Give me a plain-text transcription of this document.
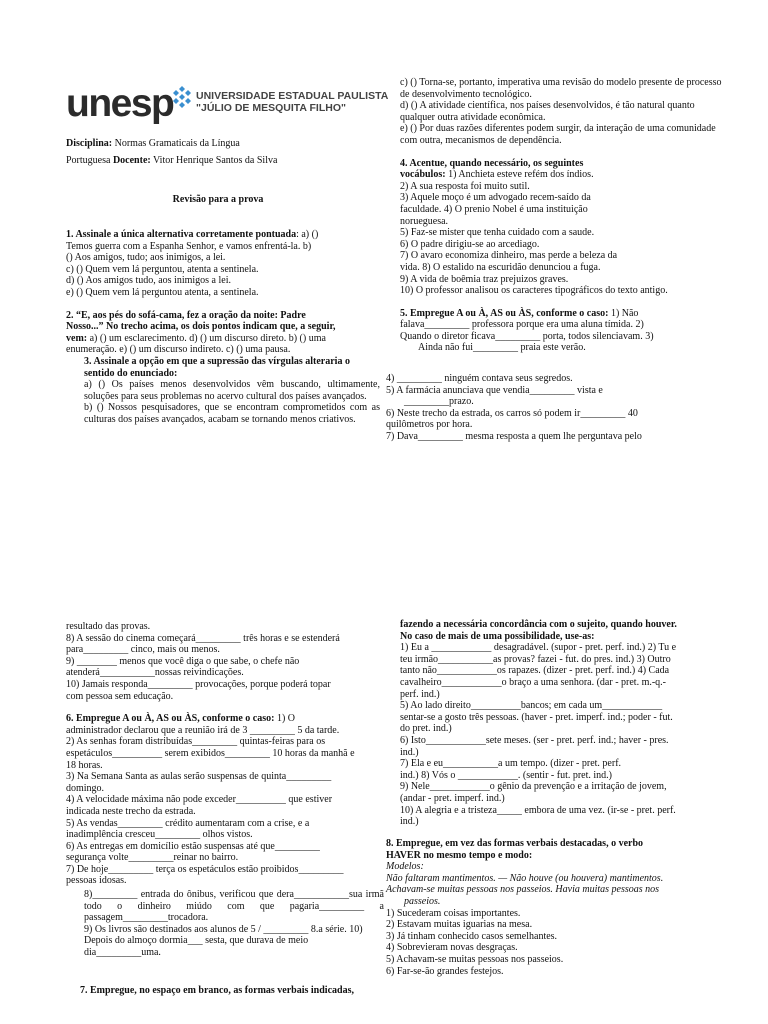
unesp UNIVERSIDADE ESTADUAL PAULISTA
"JÚLIO DE MESQUITA FILHO"
Disciplina: Normas Gramaticais da Língua
Portuguesa Docente: Vitor Henrique Santos da Silva
Revisão para a prova
1. Assinale a única alternativa corretamente pontuada: a) ()
Temos guerra com a Espanha Senhor, e vamos enfrentá-la. b)
() Aos amigos, tudo; aos inimigos, a lei.
c) () Quem vem lá perguntou, atenta a sentinela.
d) () Aos amigos tudo, aos inimigos a lei.
e) () Quem vem lá perguntou atenta, a sentinela.
2. “E, aos pés do sofá-cama, fez a oração da noite: Padre
Nosso...” No trecho acima, os dois pontos indicam que, a seguir,
vem: a) () um esclarecimento. d) () um discurso direto. b) () uma
enumeração. e) () um discurso indireto. c) () uma pausa.
3. Assinale a opção em que a supressão das vírgulas alteraria o
sentido do enunciado:
a) () Os países menos desenvolvidos vêm buscando, ultimamente, soluções para seus problemas no acervo cultural dos países avançados.
b) () Nossos pesquisadores, que se encontram comprometidos com as culturas dos países avançados, acabam se tornando menos criativos.
c) () Torna-se, portanto, imperativa uma revisão do modelo presente de processo de desenvolvimento tecnológico.
d) () A atividade científica, nos países desenvolvidos, é tão natural quanto qualquer outra atividade econômica.
e) () Por duas razões diferentes podem surgir, da interação de uma comunidade com outra, mecanismos de dependência.
4. Acentue, quando necessário, os seguintes
vocábulos: 1) Anchieta esteve refém dos índios.
2) A sua resposta foi muito sutil.
3) Aquele moço é um advogado recem-saído da
faculdade. 4) O prenio Nobel é uma instituição
norueguesa.
5) Faz-se mister que tenha cuidado com a saude.
6) O padre dirigiu-se ao arcediago.
7) O avaro economiza dinheiro, mas perde a beleza da
vida. 8) O estalido na escuridão denunciou a fuga.
9) A vida de boêmia traz prejuizos graves.
10) O professor analisou os caracteres tipográficos do texto antigo.
5. Empregue A ou À, AS ou ÀS, conforme o caso: 1) Não
falava_________ professora porque era uma aluna tímida. 2)
Quando o diretor ficava_________ porta, todos silenciavam. 3)
Ainda não fui_________ praia este verão.
4) _________ ninguém contava seus segredos.
5) A farmácia anunciava que vendia_________ vista e
_________prazo.
6) Neste trecho da estrada, os carros só podem ir_________ 40
quilômetros por hora.
7) Dava_________ mesma resposta a quem lhe perguntava pelo
resultado das provas.
8) A sessão do cinema começará_________ três horas e se estenderá
para_________ cinco, mais ou menos.
9) ________ menos que você diga o que sabe, o chefe não
atenderá___________nossas reivindicações.
10) Jamais responda_________ provocações, porque poderá topar
com pessoa sem educação.
6. Empregue A ou À, AS ou ÀS, conforme o caso: 1) O
administrador declarou que a reunião irá de 3 _________ 5 da tarde.
2) As senhas foram distribuídas_________ quintas-feiras para os
espetáculos__________ serem exibidos_________ 10 horas da manhã e
18 horas.
3) Na Semana Santa as aulas serão suspensas de quinta_________
domingo.
4) A velocidade máxima não pode exceder__________ que estiver
indicada neste trecho da estrada.
5) As vendas_________ crédito aumentaram com a crise, e a
inadimplência cresceu_________ olhos vistos.
6) As entregas em domicílio estão suspensas até que_________
segurança volte_________reinar no bairro.
7) De hoje_________ terça os espetáculos estão proibidos_________
pessoas idosas.
8)_________ entrada do ônibus, verificou que dera___________sua irmã todo o dinheiro miúdo com que pagaria_________ a passagem_________trocadora.
9) Os livros são destinados aos alunos de 5 / _________ 8.a série. 10)
Depois do almoço dormia___ sesta, que durava de meio
dia_________uma.
7. Empregue, no espaço em branco, as formas verbais indicadas,
fazendo a necessária concordância com o sujeito, quando houver.
No caso de mais de uma possibilidade, use-as:
1) Eu a ____________ desagradável. (supor - pret. perf. ind.) 2) Tu e
teu irmão___________as provas? fazei - fut. do pres. ind.) 3) Outro
tanto não____________os rapazes. (dizer - pret. perf. ind.) 4) Cada
cavalheiro____________o braço a uma senhora. (dar - pret. m.-q.-
perf. ind.)
5) Ao lado direito__________bancos; em cada um____________
sentar-se a gosto três pessoas. (haver - pret. imperf. ind.; poder - fut.
do pret. ind.)
6) Isto____________sete meses. (ser - pret. perf. ind.; haver - pres.
ind.)
7) Ela e eu___________a um tempo. (dizer - pret. perf.
ind.) 8) Vós o ____________. (sentir - fut. pret. ind.)
9) Nele____________o gênio da prevenção e a irritação de jovem,
(andar - pret. imperf. ind.)
10) A alegria e a tristeza_____ embora de uma vez. (ir-se - pret. perf.
ind.)
8. Empregue, em vez das formas verbais destacadas, o verbo
HAVER no mesmo tempo e modo:
Modelos:
Não faltaram mantimentos. — Não houve (ou houvera) mantimentos.
Achavam-se muitas pessoas nos passeios. Havia muitas pessoas nos
passeios.
1) Sucederam coisas importantes.
2) Estavam muitas iguarias na mesa.
3) Já tinham conhecido casos semelhantes.
4) Sobrevieram novas desgraças.
5) Achavam-se muitas pessoas nos passeios.
6) Far-se-ão grandes festejos.
